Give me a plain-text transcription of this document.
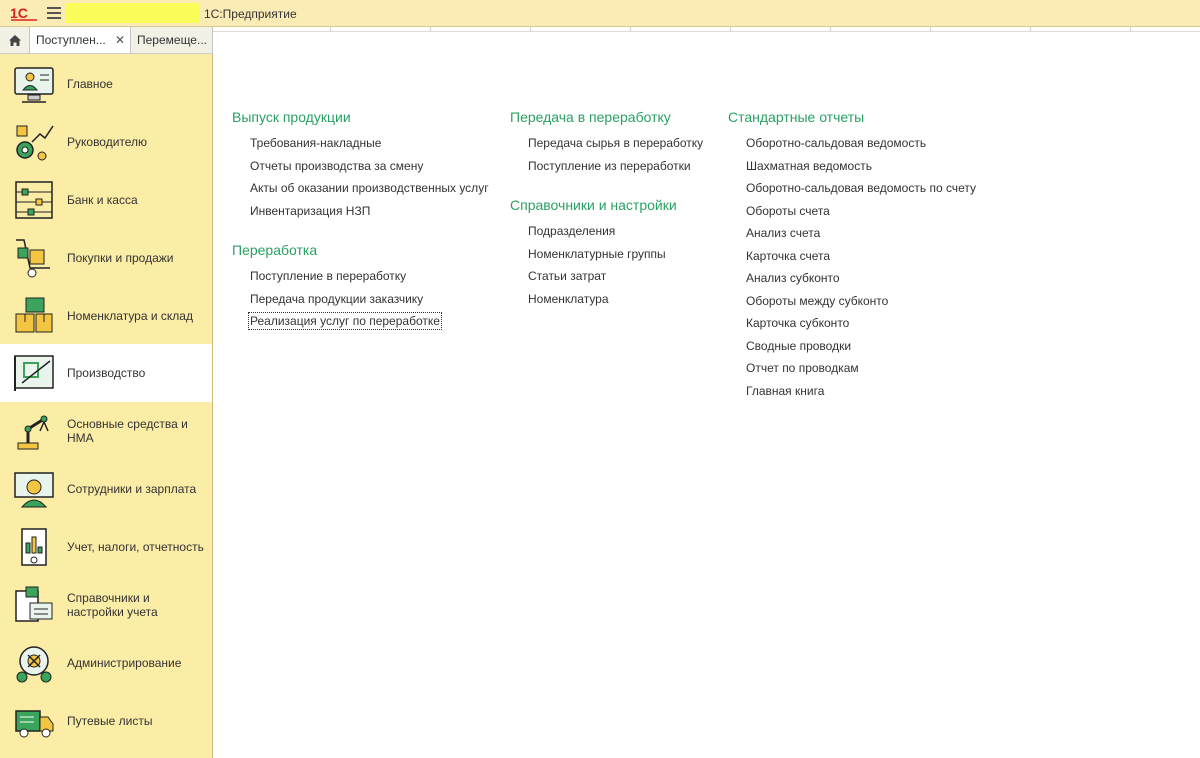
1С	1С:Предприятие
Поступлен... ✕	Перемеще...
Главное
Руководителю
Банк и касса
Покупки и продажи
Номенклатура и склад
Производство
Основные средства и НМА
Сотрудники и зарплата
Учет, налоги, отчетность
Справочники и настройки учета
Администрирование
Путевые листы
Выпуск продукции
Требования-накладные
Отчеты производства за смену
Акты об оказании производственных услуг
Инвентаризация НЗП
Переработка
Поступление в переработку
Передача продукции заказчику
Реализация услуг по переработке
Передача в переработку
Передача сырья в переработку
Поступление из переработки
Справочники и настройки
Подразделения
Номенклатурные группы
Статьи затрат
Номенклатура
Стандартные отчеты
Оборотно-сальдовая ведомость
Шахматная ведомость
Оборотно-сальдовая ведомость по счету
Обороты счета
Анализ счета
Карточка счета
Анализ субконто
Обороты между субконто
Карточка субконто
Сводные проводки
Отчет по проводкам
Главная книга
